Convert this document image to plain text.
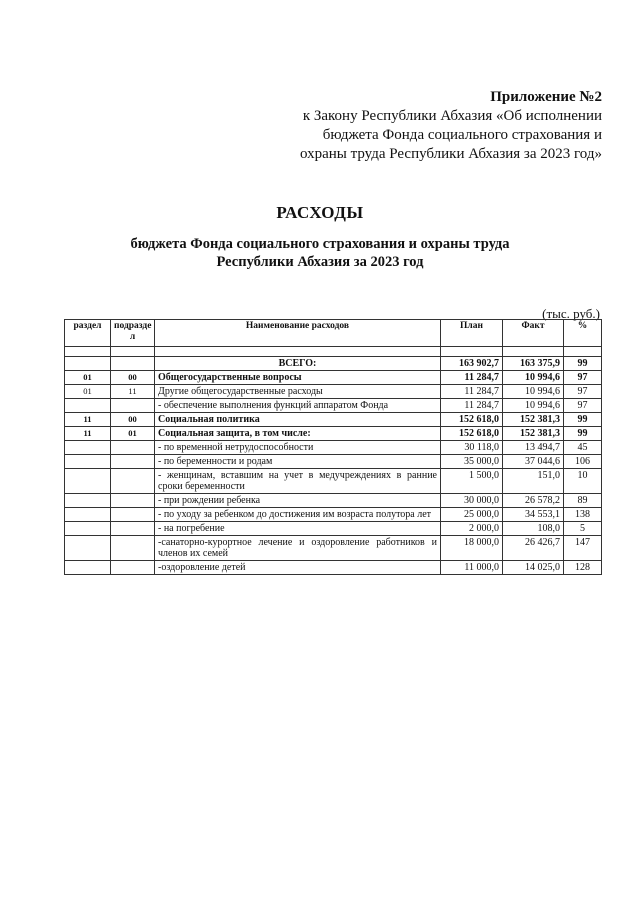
Приложение №2
к Закону Республики Абхазия «Об исполнении
бюджета Фонда социального страхования и
охраны труда Республики Абхазия за 2023 год»
РАСХОДЫ
бюджета Фонда социального страхования и охраны труда
Республики Абхазия за 2023 год
(тыс. руб.)
раздел	подразде л	Наименование расходов	План	Факт	%

		ВСЕГО:	163 902,7	163 375,9	99
01	00	Общегосударственные вопросы	11 284,7	10 994,6	97
01	11	Другие общегосударственные расходы	11 284,7	10 994,6	97
		- обеспечение выполнения функций аппаратом Фонда	11 284,7	10 994,6	97
11	00	Социальная политика	152 618,0	152 381,3	99
11	01	Социальная защита, в том числе:	152 618,0	152 381,3	99
		- по временной нетрудоспособности	30 118,0	13 494,7	45
		- по беременности и родам	35 000,0	37 044,6	106
		- женщинам, вставшим на учет в медучреждениях в ранние сроки беременности	1 500,0	151,0	10
		- при рождении ребенка	30 000,0	26 578,2	89
		- по уходу за ребенком до достижения им возраста полутора лет	25 000,0	34 553,1	138
		- на погребение	2 000,0	108,0	5
		-санаторно-курортное лечение и оздоровление работников и членов их семей	18 000,0	26 426,7	147
		-оздоровление детей	11 000,0	14 025,0	128
